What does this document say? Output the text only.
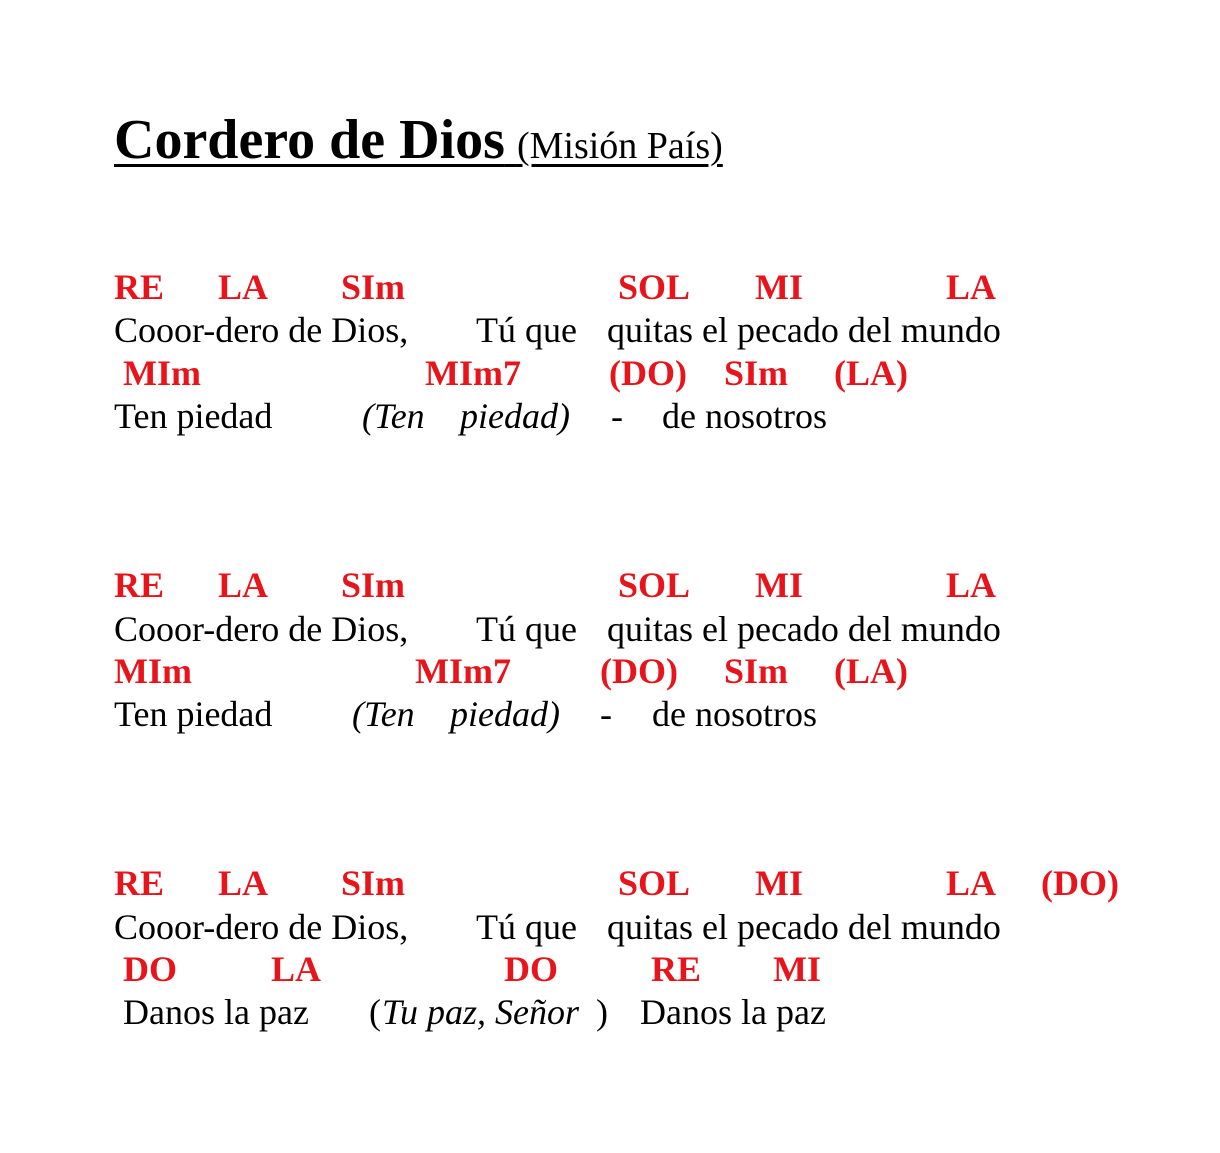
Cordero de Dios (Misión País)
RE LA SIm	SOL MI	LA
Cooor-dero de Dios, Tú que quitas el pecado del mundo
MIm	MIm7 (DO) SIm (LA)
Ten piedad (Ten piedad) - de nosotros
RE LA SIm	SOL MI	LA
Cooor-dero de Dios, Tú que quitas el pecado del mundo
MIm	MIm7 (DO) SIm (LA)
Ten piedad (Ten piedad) - de nosotros
RE LA SIm	SOL MI	LA (DO)
Cooor-dero de Dios, Tú que quitas el pecado del mundo
DO	LA	DO	RE MI
Danos la paz ( Tu paz, Señor ) Danos la paz
